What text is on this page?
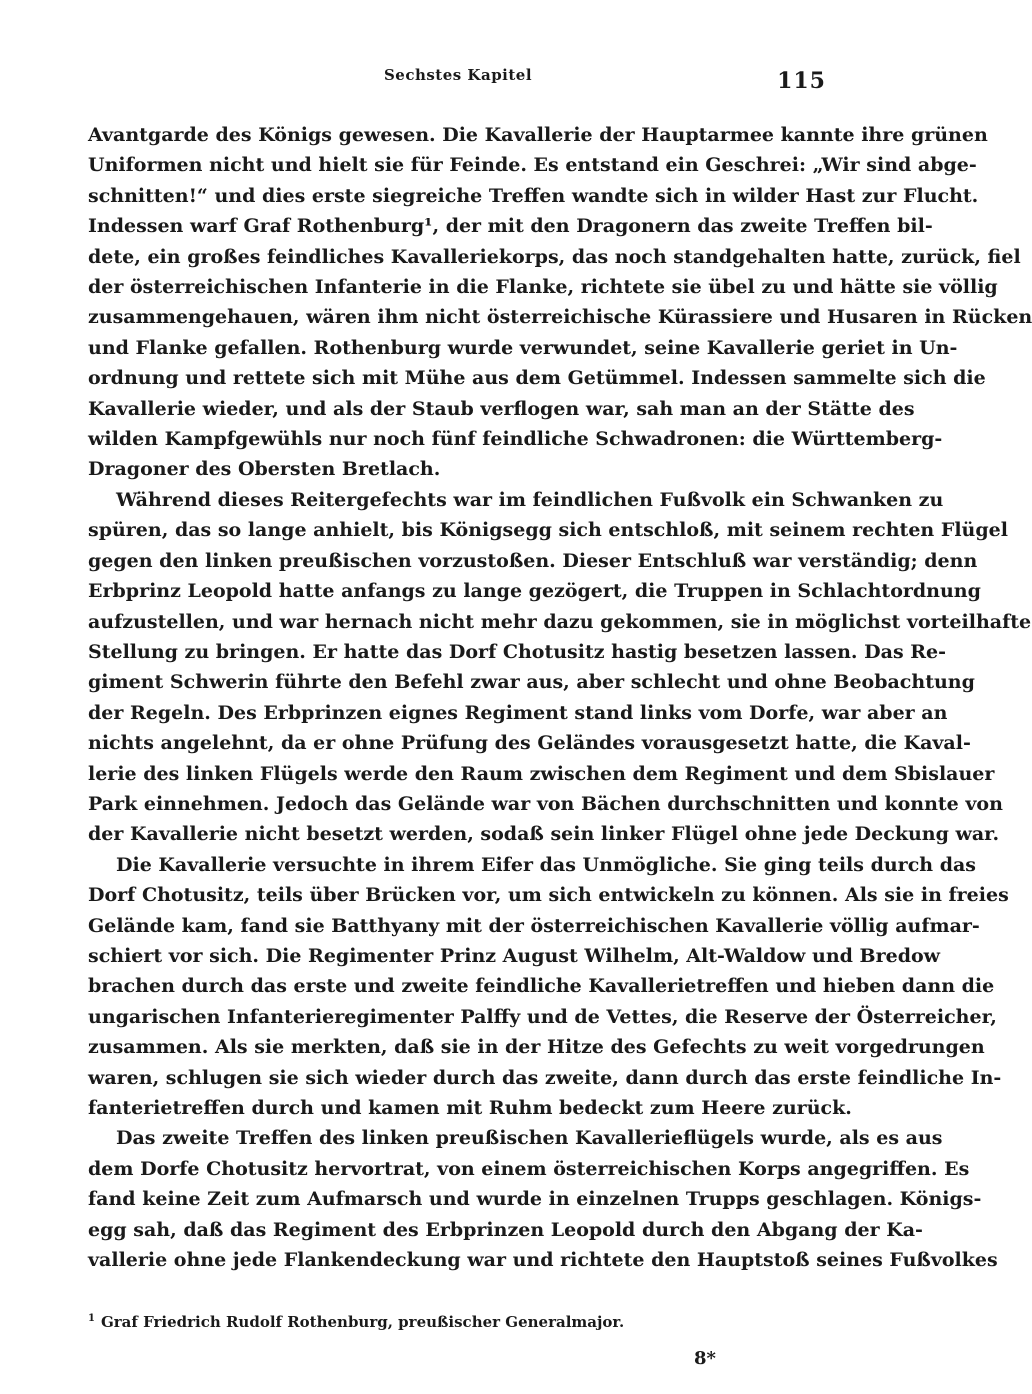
Sechstes Kapitel	115
Avantgarde des Königs gewesen. Die Kavallerie der Hauptarmee kannte ihre grünen
Uniformen nicht und hielt sie für Feinde. Es entstand ein Geschrei: „Wir sind abge-
schnitten!“ und dies erste siegreiche Treffen wandte sich in wilder Hast zur Flucht.
Indessen warf Graf Rothenburg¹, der mit den Dragonern das zweite Treffen bil-
dete, ein großes feindliches Kavalleriekorps, das noch standgehalten hatte, zurück, fiel
der österreichischen Infanterie in die Flanke, richtete sie übel zu und hätte sie völlig
zusammengehauen, wären ihm nicht österreichische Kürassiere und Husaren in Rücken
und Flanke gefallen. Rothenburg wurde verwundet, seine Kavallerie geriet in Un-
ordnung und rettete sich mit Mühe aus dem Getümmel. Indessen sammelte sich die
Kavallerie wieder, und als der Staub verflogen war, sah man an der Stätte des
wilden Kampfgewühls nur noch fünf feindliche Schwadronen: die Württemberg-
Dragoner des Obersten Bretlach.
Während dieses Reitergefechts war im feindlichen Fußvolk ein Schwanken zu
spüren, das so lange anhielt, bis Königsegg sich entschloß, mit seinem rechten Flügel
gegen den linken preußischen vorzustoßen. Dieser Entschluß war verständig; denn
Erbprinz Leopold hatte anfangs zu lange gezögert, die Truppen in Schlachtordnung
aufzustellen, und war hernach nicht mehr dazu gekommen, sie in möglichst vorteilhafte
Stellung zu bringen. Er hatte das Dorf Chotusitz hastig besetzen lassen. Das Re-
giment Schwerin führte den Befehl zwar aus, aber schlecht und ohne Beobachtung
der Regeln. Des Erbprinzen eignes Regiment stand links vom Dorfe, war aber an
nichts angelehnt, da er ohne Prüfung des Geländes vorausgesetzt hatte, die Kaval-
lerie des linken Flügels werde den Raum zwischen dem Regiment und dem Sbislauer
Park einnehmen. Jedoch das Gelände war von Bächen durchschnitten und konnte von
der Kavallerie nicht besetzt werden, sodaß sein linker Flügel ohne jede Deckung war.
Die Kavallerie versuchte in ihrem Eifer das Unmögliche. Sie ging teils durch das
Dorf Chotusitz, teils über Brücken vor, um sich entwickeln zu können. Als sie in freies
Gelände kam, fand sie Batthyany mit der österreichischen Kavallerie völlig aufmar-
schiert vor sich. Die Regimenter Prinz August Wilhelm, Alt-Waldow und Bredow
brachen durch das erste und zweite feindliche Kavallerietreffen und hieben dann die
ungarischen Infanterieregimenter Palffy und de Vettes, die Reserve der Österreicher,
zusammen. Als sie merkten, daß sie in der Hitze des Gefechts zu weit vorgedrungen
waren, schlugen sie sich wieder durch das zweite, dann durch das erste feindliche In-
fanterietreffen durch und kamen mit Ruhm bedeckt zum Heere zurück.
Das zweite Treffen des linken preußischen Kavallerieflügels wurde, als es aus
dem Dorfe Chotusitz hervortrat, von einem österreichischen Korps angegriffen. Es
fand keine Zeit zum Aufmarsch und wurde in einzelnen Trupps geschlagen. Königs-
egg sah, daß das Regiment des Erbprinzen Leopold durch den Abgang der Ka-
vallerie ohne jede Flankendeckung war und richtete den Hauptstoß seines Fußvolkes
$^1$ Graf Friedrich Rudolf Rothenburg, preußischer Generalmajor.
8*
